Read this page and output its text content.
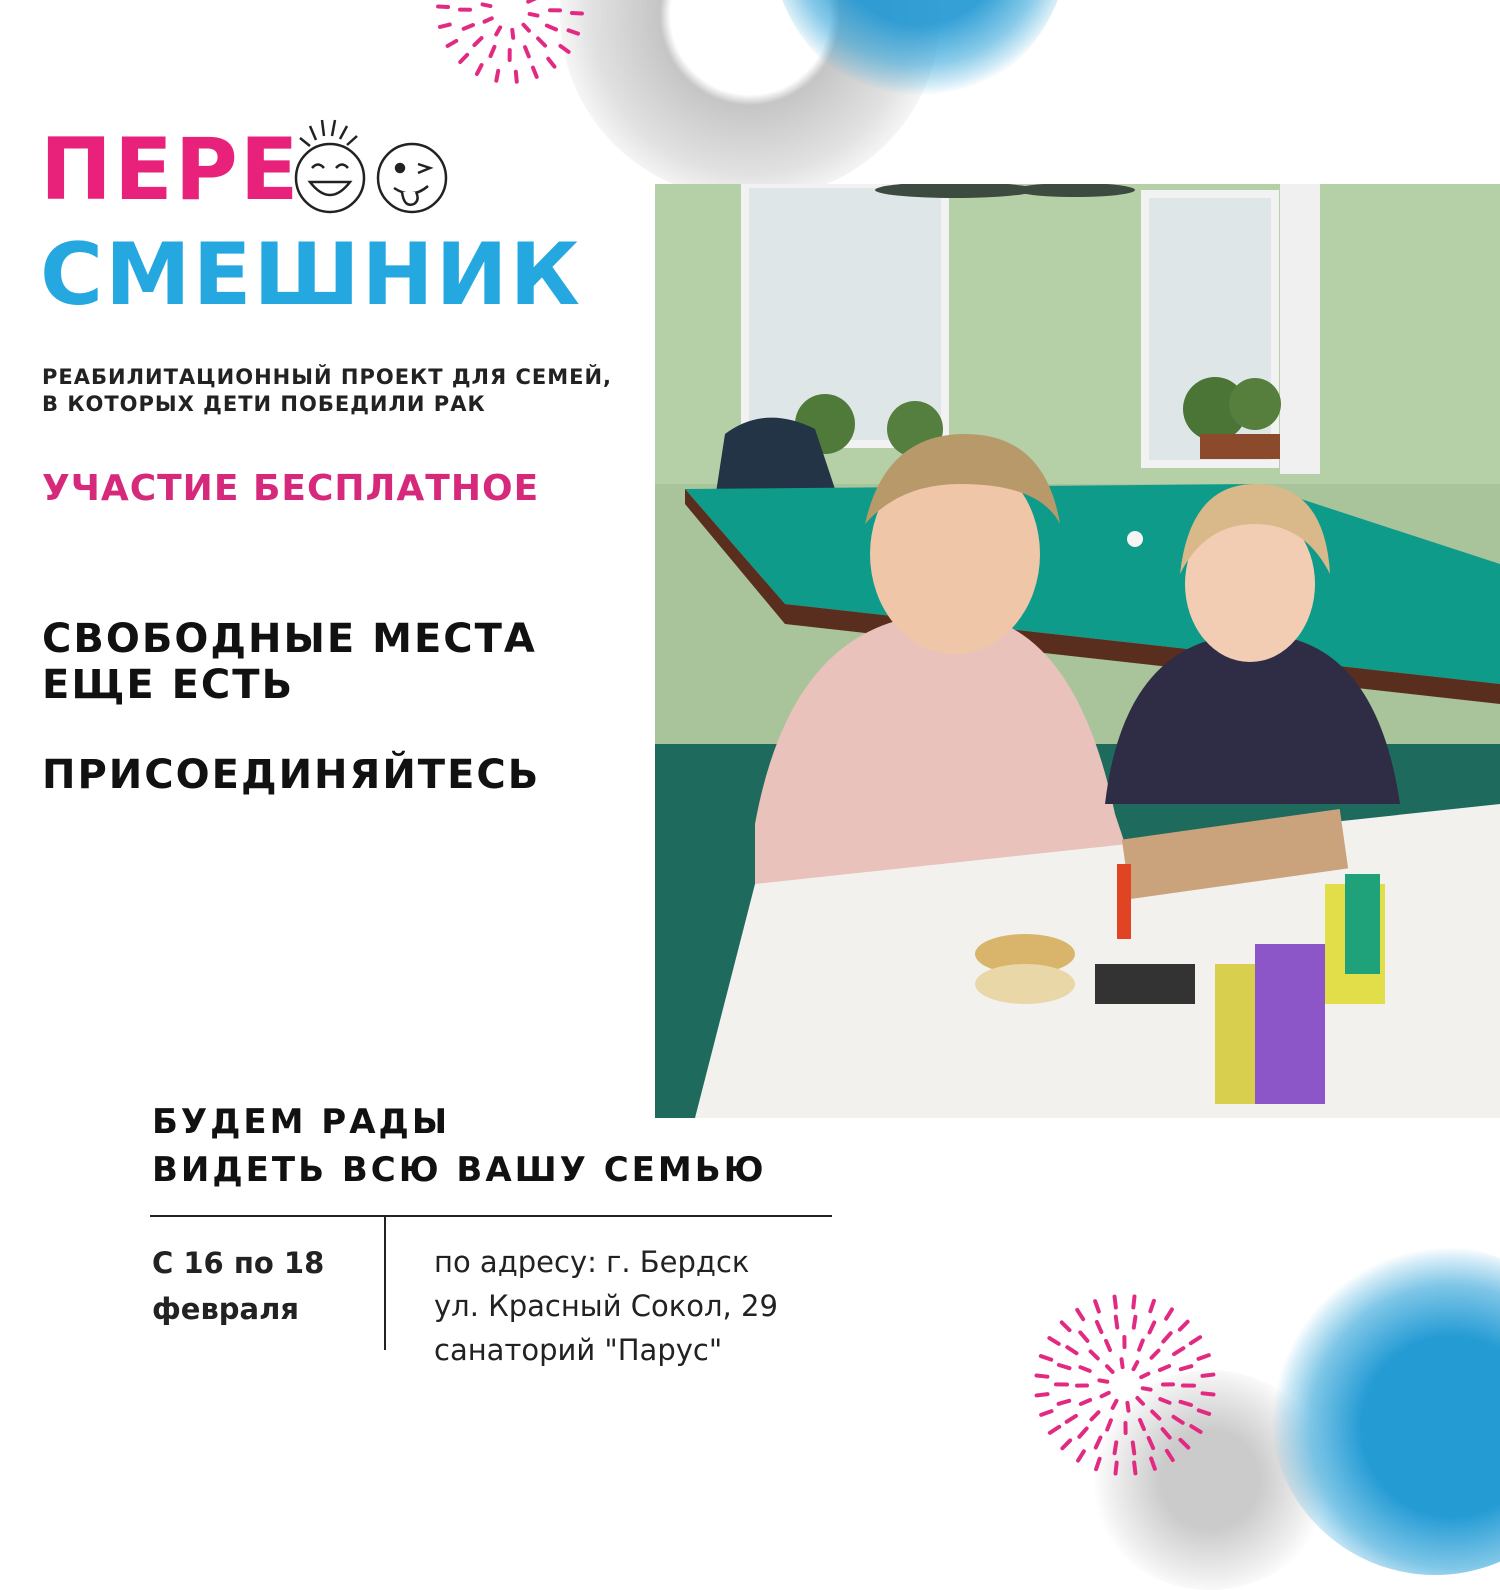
ПЕРЕ
СМЕШНИК
РЕАБИЛИТАЦИОННЫЙ ПРОЕКТ ДЛЯ СЕМЕЙ,
В КОТОРЫХ ДЕТИ ПОБЕДИЛИ РАК
УЧАСТИЕ БЕСПЛАТНОЕ
СВОБОДНЫЕ МЕСТА
ЕЩЕ ЕСТЬ
ПРИСОЕДИНЯЙТЕСЬ
БУДЕМ РАДЫ
ВИДЕТЬ ВСЮ ВАШУ СЕМЬЮ
С 16 по 18
февраля
по адресу: г. Бердск
ул. Красный Сокол, 29
санаторий "Парус"
